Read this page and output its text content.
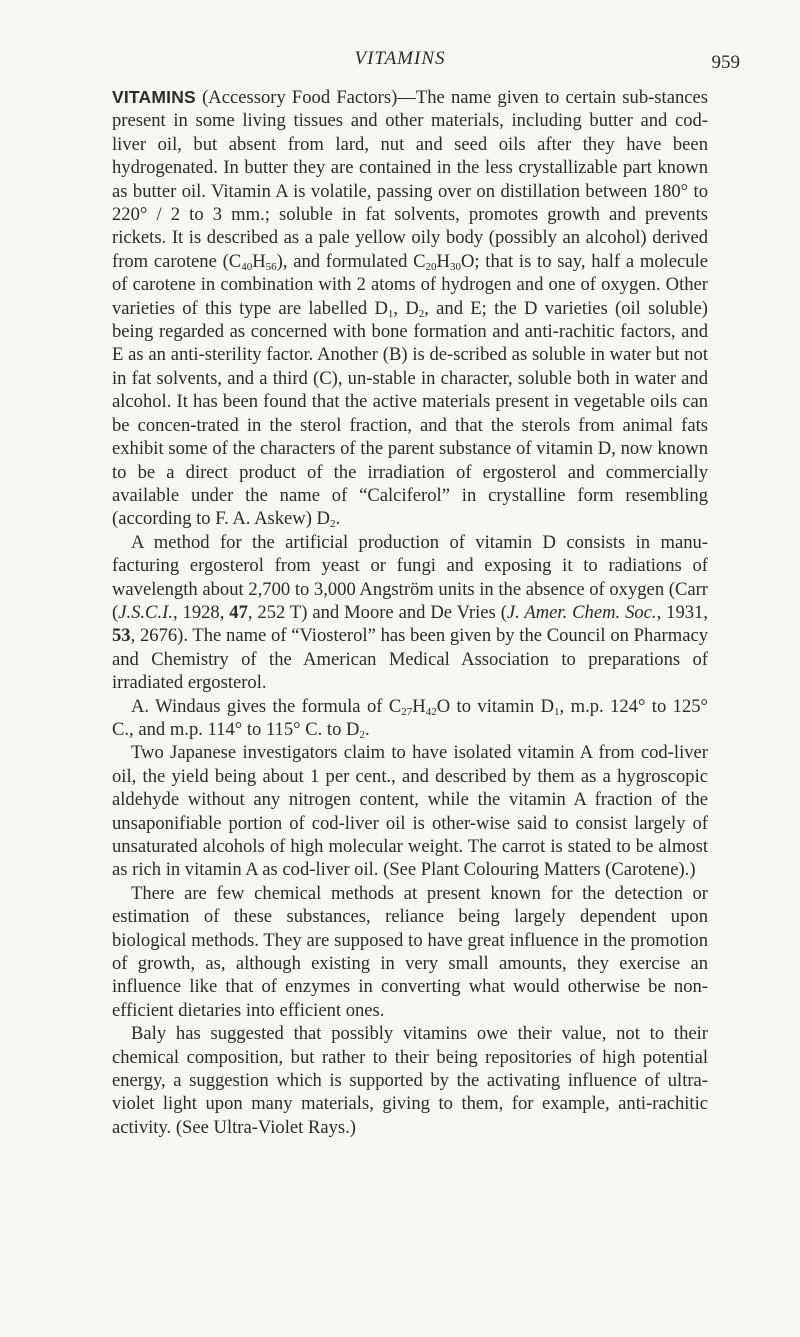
VITAMINS	959

VITAMINS (Accessory Food Factors)—The name given to certain sub-stances present in some living tissues and other materials, including butter and cod-liver oil, but absent from lard, nut and seed oils after they have been hydrogenated. In butter they are contained in the less crystallizable part known as butter oil. Vitamin A is volatile, passing over on distillation between 180° to 220° / 2 to 3 mm.; soluble in fat solvents, promotes growth and prevents rickets. It is described as a pale yellow oily body (possibly an alcohol) derived from carotene $(C_{40}H_{56})$, and formulated $C_{20}H_{30}O$; that is to say, half a molecule of carotene in combination with 2 atoms of hydrogen and one of oxygen. Other varieties of this type are labelled $D_1$, $D_2$, and E; the D varieties (oil soluble) being regarded as concerned with bone formation and anti-rachitic factors, and E as an anti-sterility factor. Another (B) is de-scribed as soluble in water but not in fat solvents, and a third (C), un-stable in character, soluble both in water and alcohol. It has been found that the active materials present in vegetable oils can be concen-trated in the sterol fraction, and that the sterols from animal fats exhibit some of the characters of the parent substance of vitamin D, now known to be a direct product of the irradiation of ergosterol and commercially available under the name of “Calciferol” in crystalline form resembling (according to F. A. Askew) $D_2$.

A method for the artificial production of vitamin D consists in manu-facturing ergosterol from yeast or fungi and exposing it to radiations of wavelength about 2,700 to 3,000 Angström units in the absence of oxygen (Carr (J.S.C.I., 1928, 47, 252 T) and Moore and De Vries (J. Amer. Chem. Soc., 1931, 53, 2676). The name of “Viosterol” has been given by the Council on Pharmacy and Chemistry of the American Medical Association to preparations of irradiated ergosterol.

A. Windaus gives the formula of $C_{27}H_{42}O$ to vitamin $D_1$, m.p. 124° to 125° C., and m.p. 114° to 115° C. to $D_2$.

Two Japanese investigators claim to have isolated vitamin A from cod-liver oil, the yield being about 1 per cent., and described by them as a hygroscopic aldehyde without any nitrogen content, while the vitamin A fraction of the unsaponifiable portion of cod-liver oil is other-wise said to consist largely of unsaturated alcohols of high molecular weight. The carrot is stated to be almost as rich in vitamin A as cod-liver oil. (See Plant Colouring Matters (Carotene).)

There are few chemical methods at present known for the detection or estimation of these substances, reliance being largely dependent upon biological methods. They are supposed to have great influence in the promotion of growth, as, although existing in very small amounts, they exercise an influence like that of enzymes in converting what would otherwise be non-efficient dietaries into efficient ones.

Baly has suggested that possibly vitamins owe their value, not to their chemical composition, but rather to their being repositories of high potential energy, a suggestion which is supported by the activating influence of ultra-violet light upon many materials, giving to them, for example, anti-rachitic activity. (See Ultra-Violet Rays.)
